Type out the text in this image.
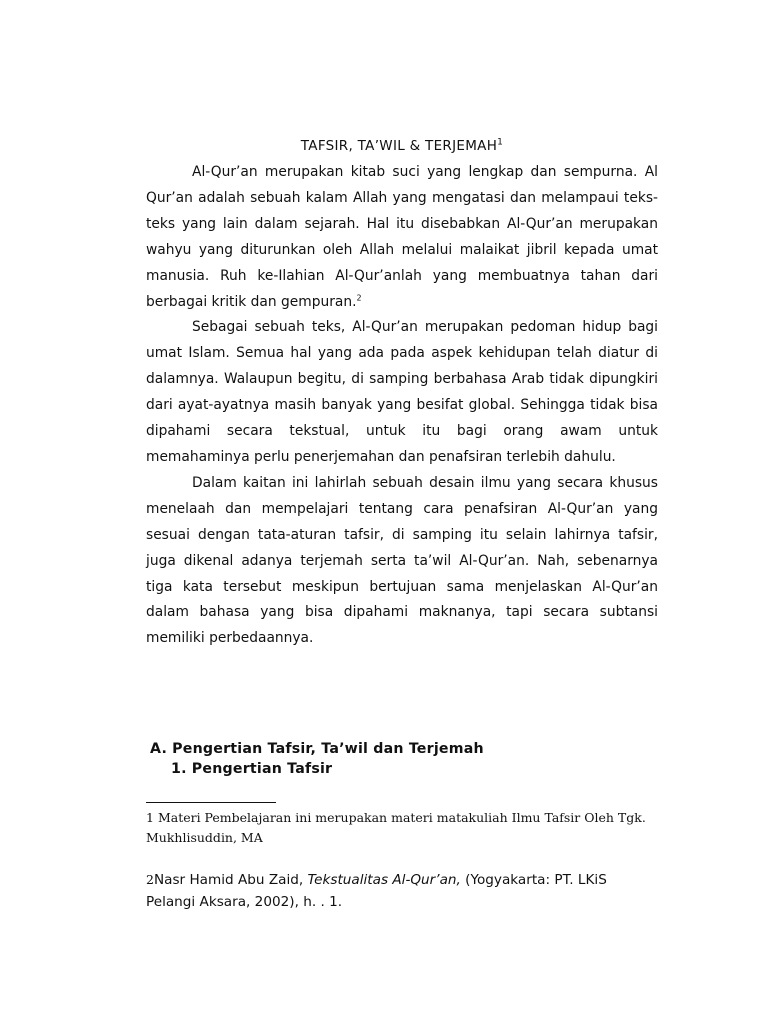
TAFSIR, TA’WIL & TERJEMAH$^1$

Al-Qur’an merupakan kitab suci yang lengkap dan sempurna. Al Qur’an adalah sebuah kalam Allah yang mengatasi dan melampaui teks-teks yang lain dalam sejarah. Hal itu disebabkan Al-Qur’an merupakan wahyu yang diturunkan oleh Allah melalui malaikat jibril kepada umat manusia. Ruh ke-Ilahian Al-Qur’anlah yang membuatnya tahan dari berbagai kritik dan gempuran.$^2$

Sebagai sebuah teks, Al-Qur’an merupakan pedoman hidup bagi umat Islam. Semua hal yang ada pada aspek kehidupan telah diatur di dalamnya. Walaupun begitu, di samping berbahasa Arab tidak dipungkiri dari ayat-ayatnya masih banyak yang besifat global. Sehingga tidak bisa dipahami secara tekstual, untuk itu bagi orang awam untuk memahaminya perlu penerjemahan dan penafsiran terlebih dahulu.

Dalam kaitan ini lahirlah sebuah desain ilmu yang secara khusus menelaah dan mempelajari tentang cara penafsiran Al-Qur’an yang sesuai dengan tata-aturan tafsir, di samping itu selain lahirnya tafsir, juga dikenal adanya terjemah serta ta’wil Al-Qur’an. Nah, sebenarnya tiga kata tersebut meskipun bertujuan sama menjelaskan Al-Qur’an dalam bahasa yang bisa dipahami maknanya, tapi secara subtansi memiliki perbedaannya.

A. Pengertian Tafsir, Ta’wil dan Terjemah
1. Pengertian Tafsir
1 Materi Pembelajaran ini merupakan materi matakuliah Ilmu Tafsir Oleh Tgk. Mukhlisuddin, MA
2Nasr Hamid Abu Zaid, Tekstualitas Al-Qur’an, (Yogyakarta: PT. LKiS Pelangi Aksara, 2002), h. . 1.
